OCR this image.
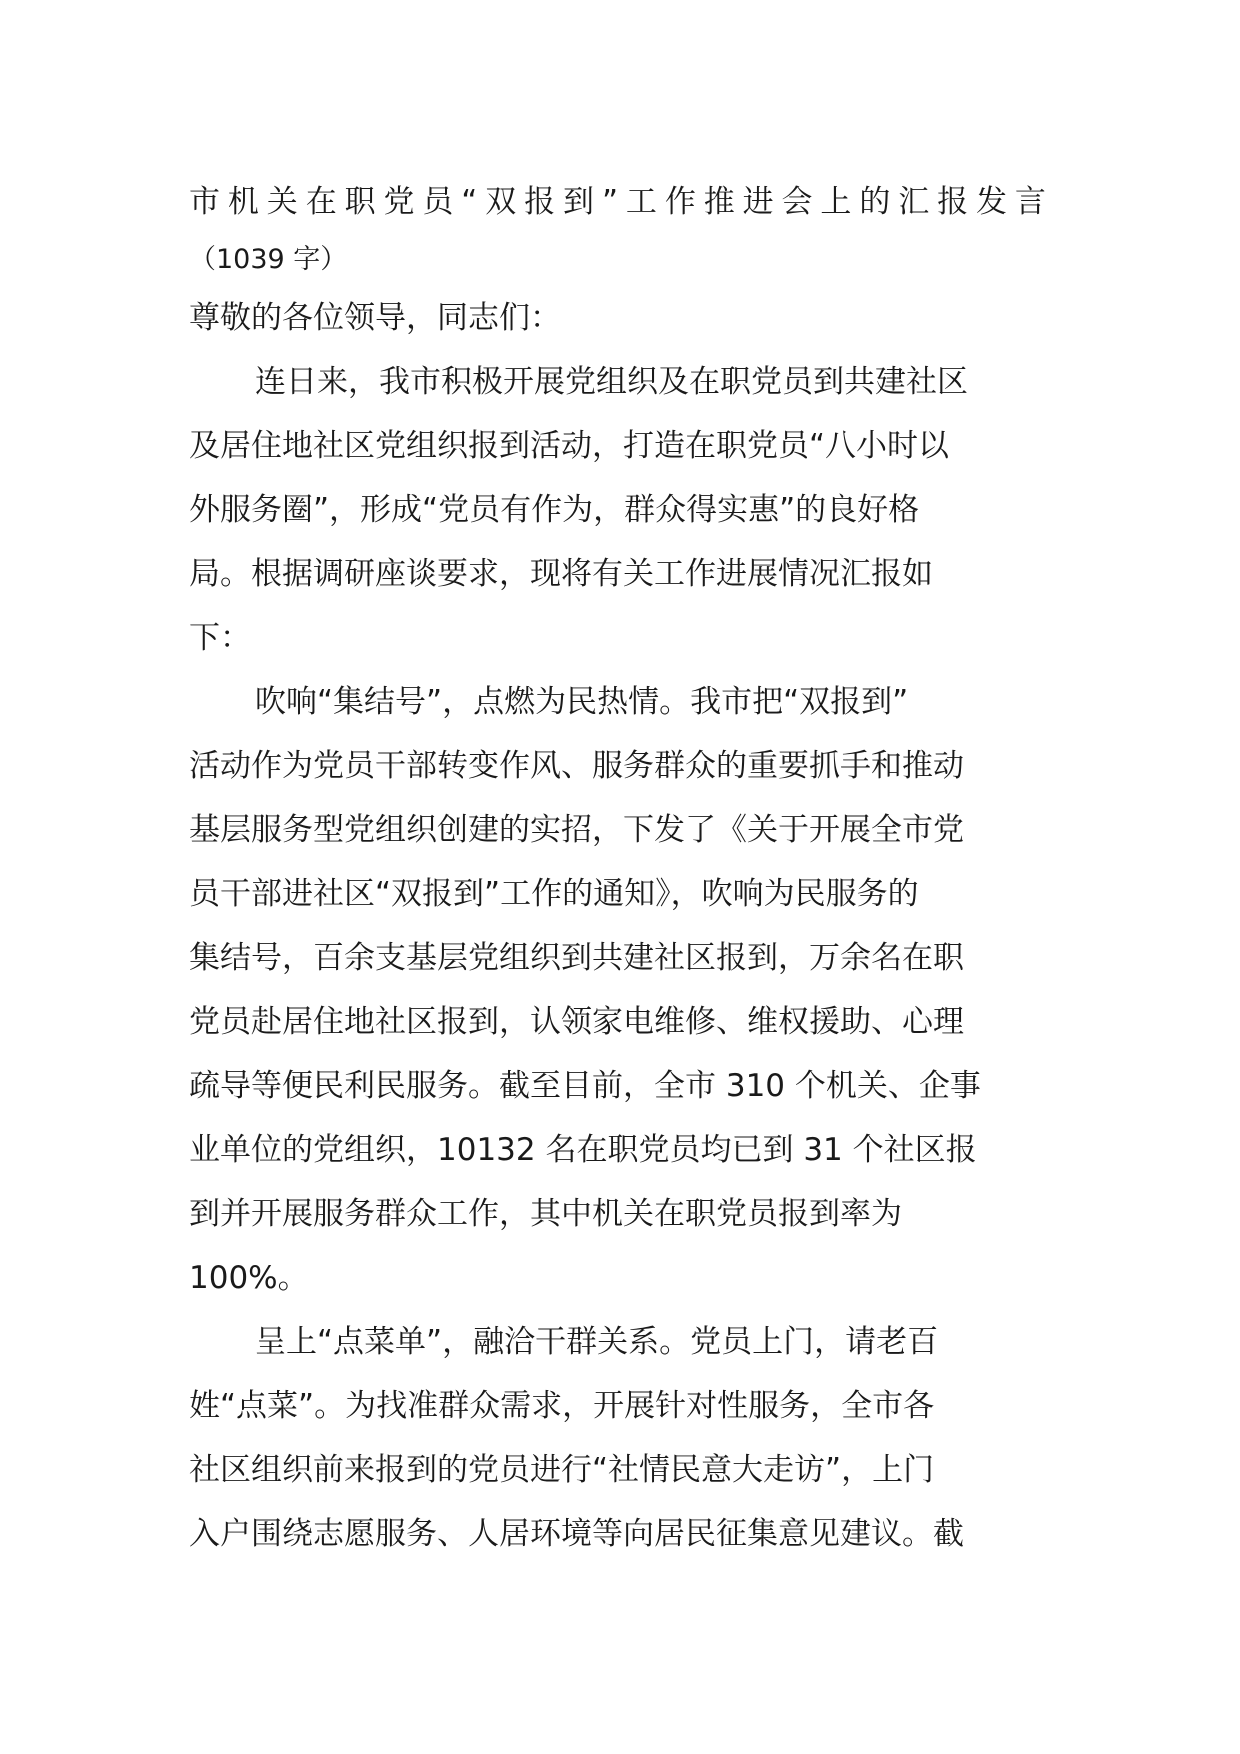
市机关在职党员“双报到”工作推进会上的汇报发言
（1039 字）
尊敬的各位领导，同志们：
连日来，我市积极开展党组织及在职党员到共建社区
及居住地社区党组织报到活动，打造在职党员“八小时以
外服务圈”，形成“党员有作为，群众得实惠”的良好格
局。根据调研座谈要求，现将有关工作进展情况汇报如
下：
吹响“集结号”，点燃为民热情。我市把“双报到”
活动作为党员干部转变作风、服务群众的重要抓手和推动
基层服务型党组织创建的实招，下发了《关于开展全市党
员干部进社区“双报到”工作的通知》，吹响为民服务的
集结号，百余支基层党组织到共建社区报到，万余名在职
党员赴居住地社区报到，认领家电维修、维权援助、心理
疏导等便民利民服务。截至目前，全市 310 个机关、企事
业单位的党组织，10132 名在职党员均已到 31 个社区报
到并开展服务群众工作，其中机关在职党员报到率为
100%。
呈上“点菜单”，融洽干群关系。党员上门，请老百
姓“点菜”。为找准群众需求，开展针对性服务，全市各
社区组织前来报到的党员进行“社情民意大走访”，上门
入户围绕志愿服务、人居环境等向居民征集意见建议。截
